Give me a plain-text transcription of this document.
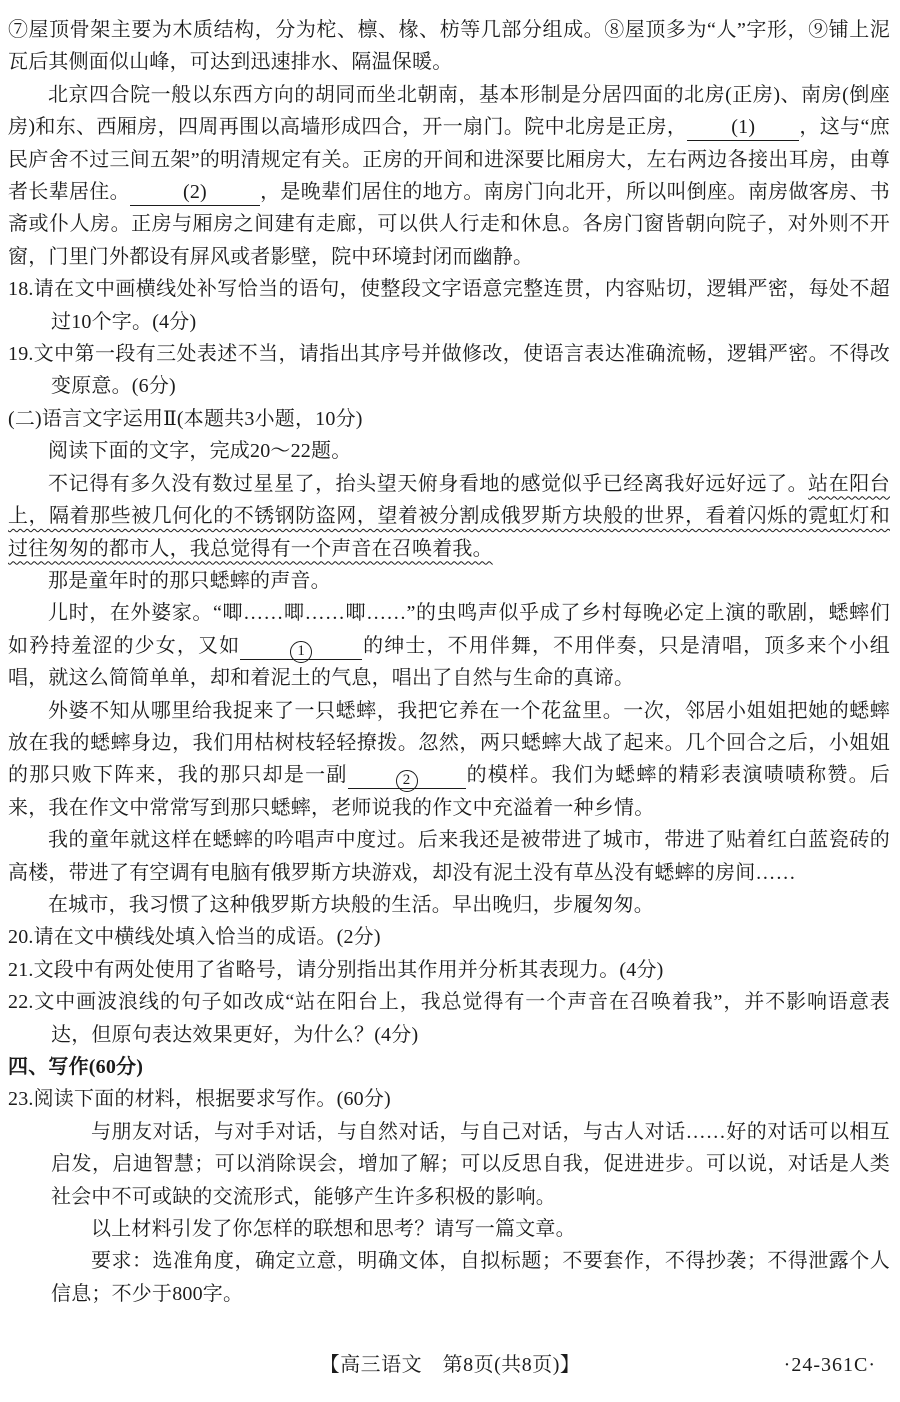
⑦屋顶骨架主要为木质结构，分为柁、檩、椽、枋等几部分组成。⑧屋顶多为“人”字形，⑨铺上泥瓦后其侧面似山峰，可达到迅速排水、隔温保暖。

北京四合院一般以东西方向的胡同而坐北朝南，基本形制是分居四面的北房(正房)、南房(倒座房)和东、西厢房，四周再围以高墙形成四合，开一扇门。院中北房是正房， (1) ，这与“庶民庐舍不过三间五架”的明清规定有关。正房的开间和进深要比厢房大，左右两边各接出耳房，由尊者长辈居住。	(2)	，是晚辈们居住的地方。南房门向北开，所以叫倒座。南房做客房、书斋或仆人房。正房与厢房之间建有走廊，可以供人行走和休息。各房门窗皆朝向院子，对外则不开窗，门里门外都设有屏风或者影壁，院中环境封闭而幽静。

18.请在文中画横线处补写恰当的语句，使整段文字语意完整连贯，内容贴切，逻辑严密，每处不超过10个字。(4分)

19.文中第一段有三处表述不当，请指出其序号并做修改，使语言表达准确流畅，逻辑严密。不得改变原意。(6分)

(二)语言文字运用Ⅱ(本题共3小题，10分)

阅读下面的文字，完成20～22题。

不记得有多久没有数过星星了，抬头望天俯身看地的感觉似乎已经离我好远好远了。站在阳台上，隔着那些被几何化的不锈钢防盗网，望着被分割成俄罗斯方块般的世界，看着闪烁的霓虹灯和过往匆匆的都市人，我总觉得有一个声音在召唤着我。

那是童年时的那只蟋蟀的声音。

儿时，在外婆家。“唧……唧……唧……”的虫鸣声似乎成了乡村每晚必定上演的歌剧，蟋蟀们如矜持羞涩的少女，又如	1	的绅士，不用伴舞，不用伴奏，只是清唱，顶多来个小组唱，就这么简简单单，却和着泥土的气息，唱出了自然与生命的真谛。

外婆不知从哪里给我捉来了一只蟋蟀，我把它养在一个花盆里。一次，邻居小姐姐把她的蟋蟀放在我的蟋蟀身边，我们用枯树枝轻轻撩拨。忽然，两只蟋蟀大战了起来。几个回合之后，小姐姐的那只败下阵来，我的那只却是一副	2	的模样。我们为蟋蟀的精彩表演啧啧称赞。后来，我在作文中常常写到那只蟋蟀，老师说我的作文中充溢着一种乡情。

我的童年就这样在蟋蟀的吟唱声中度过。后来我还是被带进了城市，带进了贴着红白蓝瓷砖的高楼，带进了有空调有电脑有俄罗斯方块游戏，却没有泥土没有草丛没有蟋蟀的房间……

在城市，我习惯了这种俄罗斯方块般的生活。早出晚归，步履匆匆。

20.请在文中横线处填入恰当的成语。(2分)

21.文段中有两处使用了省略号，请分别指出其作用并分析其表现力。(4分)

22.文中画波浪线的句子如改成“站在阳台上，我总觉得有一个声音在召唤着我”，并不影响语意表达，但原句表达效果更好，为什么？(4分)

四、写作(60分)

23.阅读下面的材料，根据要求写作。(60分)

与朋友对话，与对手对话，与自然对话，与自己对话，与古人对话……好的对话可以相互启发，启迪智慧；可以消除误会，增加了解；可以反思自我，促进进步。可以说，对话是人类社会中不可或缺的交流形式，能够产生许多积极的影响。

以上材料引发了你怎样的联想和思考？请写一篇文章。

要求：选准角度，确定立意，明确文体，自拟标题；不要套作，不得抄袭；不得泄露个人信息；不少于800字。

【高三语文　第8页(共8页)】	·24-361C·
